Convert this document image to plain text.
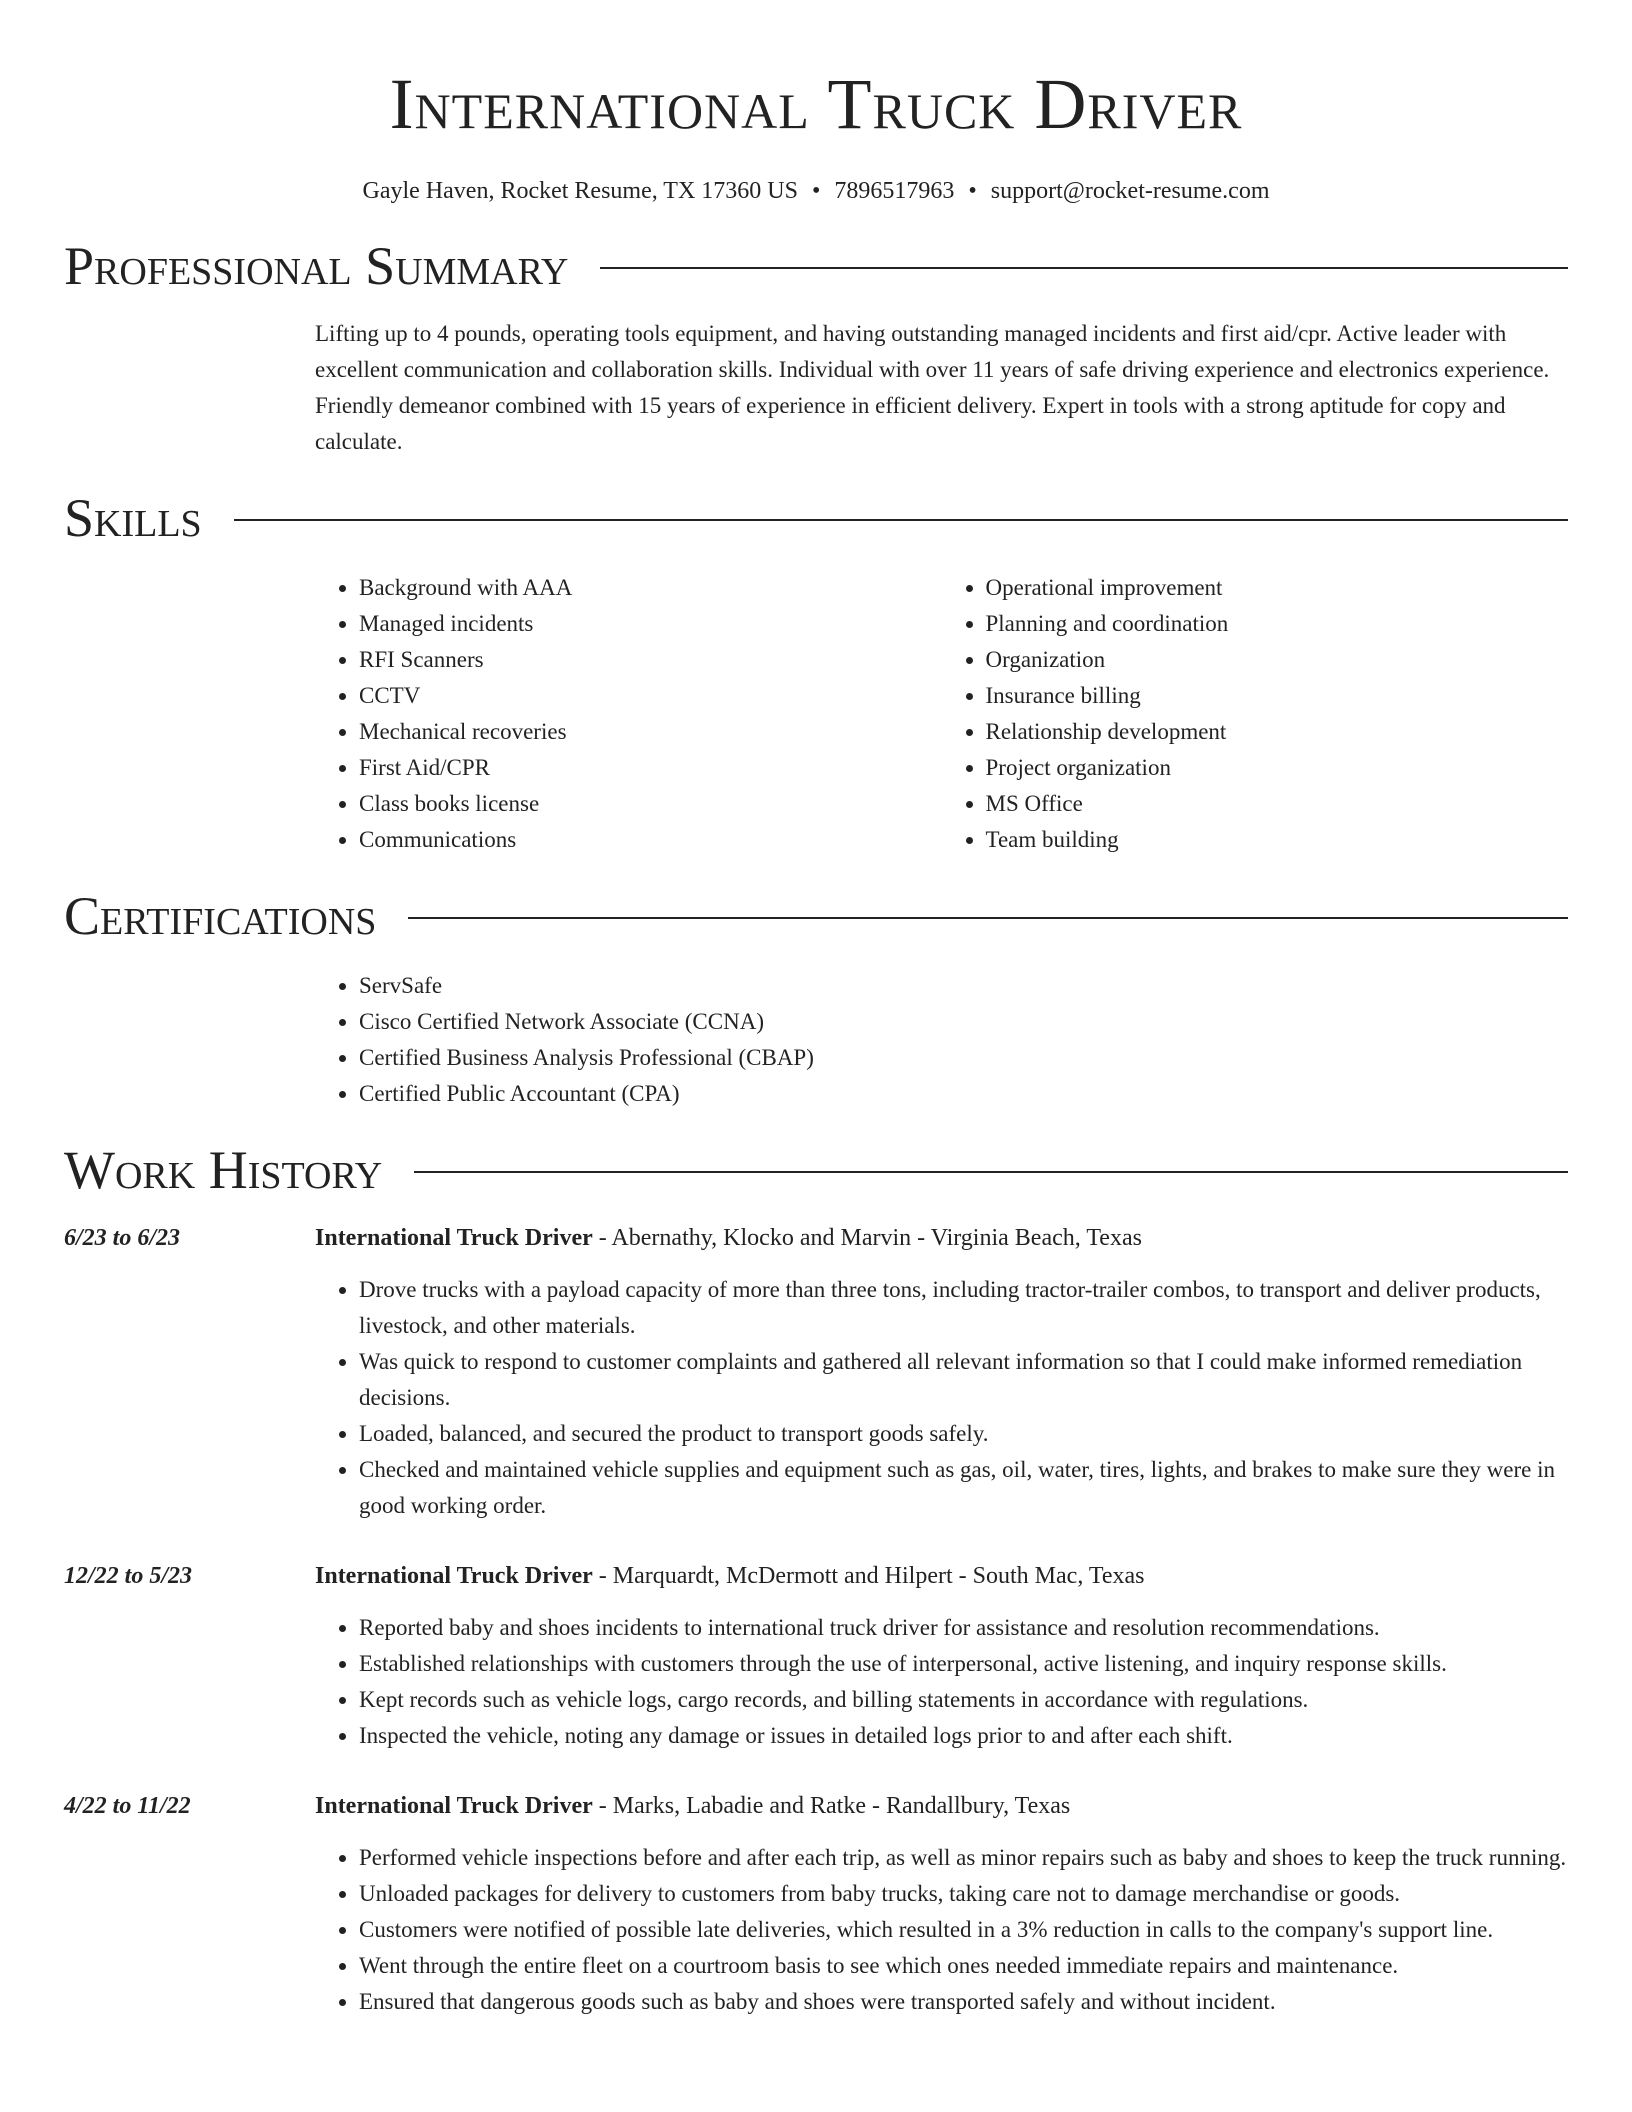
International Truck Driver
Gayle Haven, Rocket Resume, TX 17360 US • 7896517963 • support@rocket-resume.com
Professional Summary
Lifting up to 4 pounds, operating tools equipment, and having outstanding managed incidents and first aid/cpr. Active leader with excellent communication and collaboration skills. Individual with over 11 years of safe driving experience and electronics experience. Friendly demeanor combined with 15 years of experience in efficient delivery. Expert in tools with a strong aptitude for copy and calculate.
Skills
• Background with AAA
• Managed incidents
• RFI Scanners
• CCTV
• Mechanical recoveries
• First Aid/CPR
• Class books license
• Communications
• Operational improvement
• Planning and coordination
• Organization
• Insurance billing
• Relationship development
• Project organization
• MS Office
• Team building
Certifications
• ServSafe
• Cisco Certified Network Associate (CCNA)
• Certified Business Analysis Professional (CBAP)
• Certified Public Accountant (CPA)
Work History
6/23 to 6/23	International Truck Driver - Abernathy, Klocko and Marvin - Virginia Beach, Texas
• Drove trucks with a payload capacity of more than three tons, including tractor-trailer combos, to transport and deliver products, livestock, and other materials.
• Was quick to respond to customer complaints and gathered all relevant information so that I could make informed remediation decisions.
• Loaded, balanced, and secured the product to transport goods safely.
• Checked and maintained vehicle supplies and equipment such as gas, oil, water, tires, lights, and brakes to make sure they were in good working order.
12/22 to 5/23	International Truck Driver - Marquardt, McDermott and Hilpert - South Mac, Texas
• Reported baby and shoes incidents to international truck driver for assistance and resolution recommendations.
• Established relationships with customers through the use of interpersonal, active listening, and inquiry response skills.
• Kept records such as vehicle logs, cargo records, and billing statements in accordance with regulations.
• Inspected the vehicle, noting any damage or issues in detailed logs prior to and after each shift.
4/22 to 11/22	International Truck Driver - Marks, Labadie and Ratke - Randallbury, Texas
• Performed vehicle inspections before and after each trip, as well as minor repairs such as baby and shoes to keep the truck running.
• Unloaded packages for delivery to customers from baby trucks, taking care not to damage merchandise or goods.
• Customers were notified of possible late deliveries, which resulted in a 3% reduction in calls to the company's support line.
• Went through the entire fleet on a courtroom basis to see which ones needed immediate repairs and maintenance.
• Ensured that dangerous goods such as baby and shoes were transported safely and without incident.
